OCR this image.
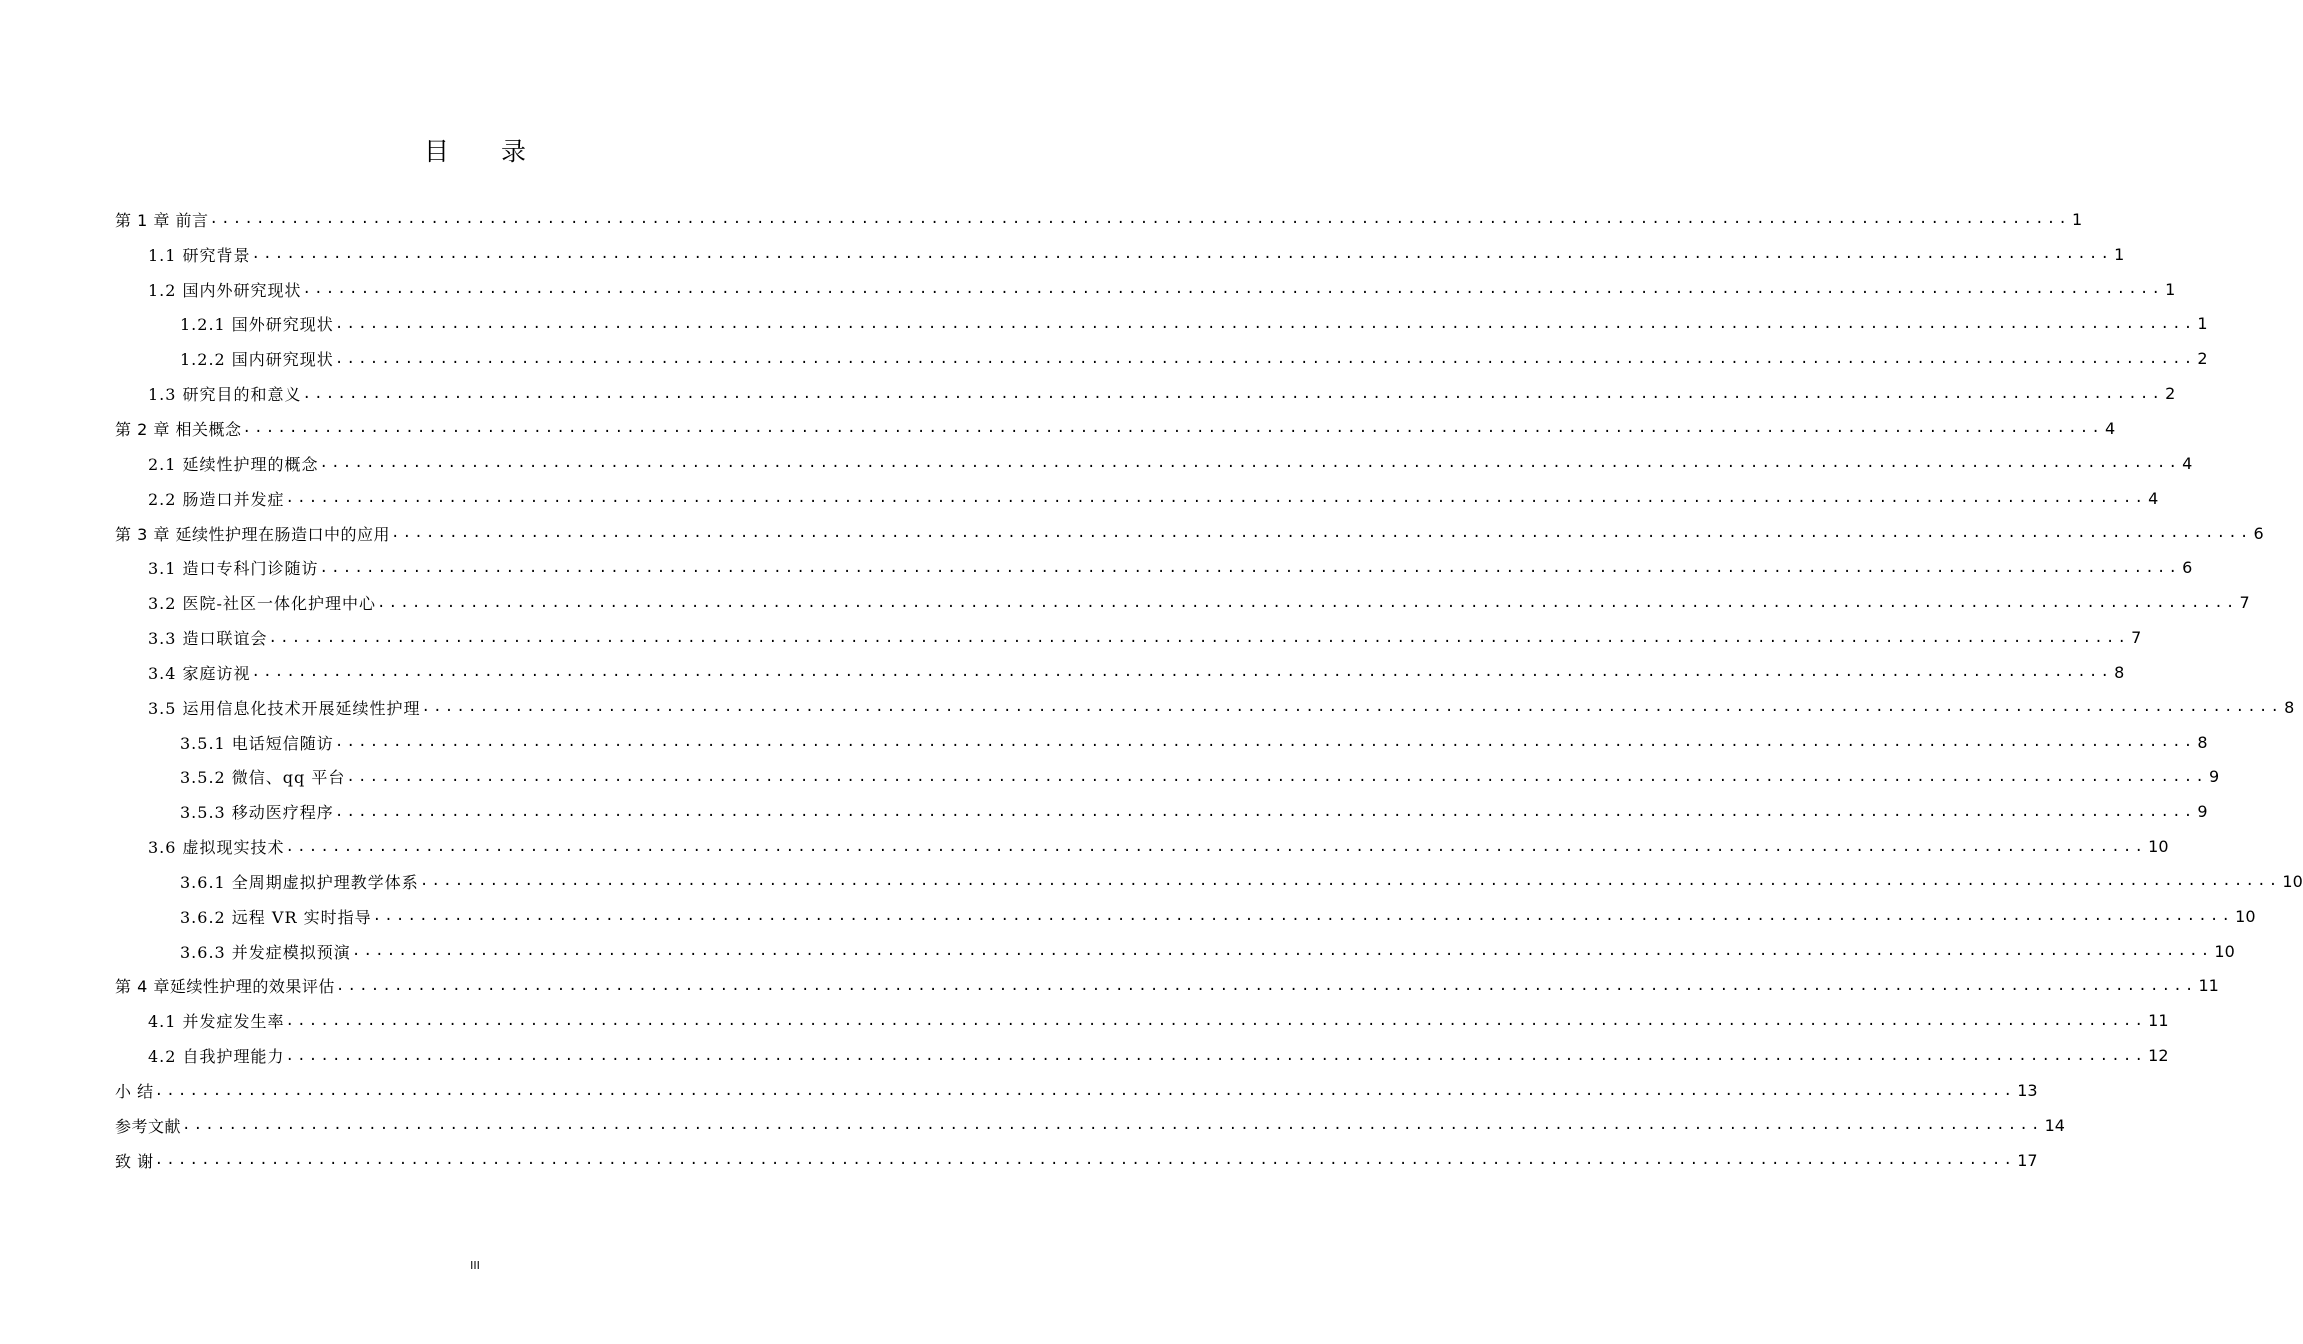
目 录
第 1 章 前言 ................................................................................................................................................................ 1
1.1 研究背景 ................................................................................................................................................................ 1
1.2 国内外研究现状 ................................................................................................................................................................ 1
1.2.1 国外研究现状 ................................................................................................................................................................ 1
1.2.2 国内研究现状 ................................................................................................................................................................ 2
1.3 研究目的和意义 ................................................................................................................................................................ 2
第 2 章 相关概念 ................................................................................................................................................................ 4
2.1 延续性护理的概念 ................................................................................................................................................................ 4
2.2 肠造口并发症 ................................................................................................................................................................ 4
第 3 章 延续性护理在肠造口中的应用 ................................................................................................................................................................ 6
3.1 造口专科门诊随访 ................................................................................................................................................................ 6
3.2 医院-社区一体化护理中心 ................................................................................................................................................................ 7
3.3 造口联谊会 ................................................................................................................................................................ 7
3.4 家庭访视 ................................................................................................................................................................ 8
3.5 运用信息化技术开展延续性护理 ................................................................................................................................................................ 8
3.5.1 电话短信随访 ................................................................................................................................................................ 8
3.5.2 微信、qq 平台 ................................................................................................................................................................ 9
3.5.3 移动医疗程序 ................................................................................................................................................................ 9
3.6 虚拟现实技术 ................................................................................................................................................................ 10
3.6.1 全周期虚拟护理教学体系 ................................................................................................................................................................ 10
3.6.2 远程 VR 实时指导 ................................................................................................................................................................ 10
3.6.3 并发症模拟预演 ................................................................................................................................................................ 10
第 4 章延续性护理的效果评估 ................................................................................................................................................................ 11
4.1 并发症发生率 ................................................................................................................................................................ 11
4.2 自我护理能力 ................................................................................................................................................................ 12
小 结 ................................................................................................................................................................ 13
参考文献 ................................................................................................................................................................ 14
致 谢 ................................................................................................................................................................ 17
III
